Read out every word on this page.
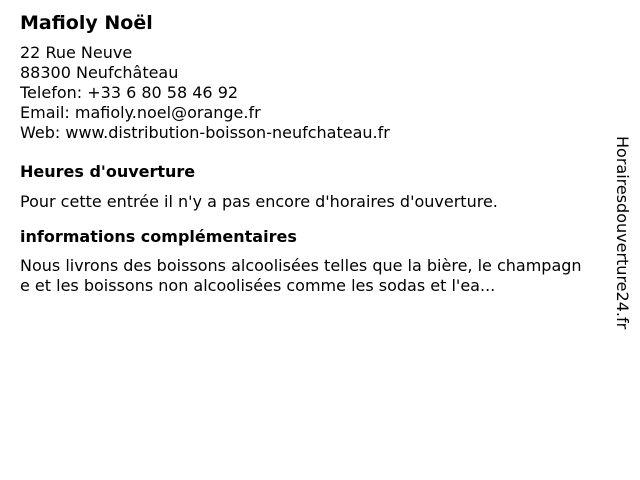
Mafioly Noël
22 Rue Neuve
88300 Neufchâteau
Telefon: +33 6 80 58 46 92
Email: mafioly.noel@orange.fr
Web: www.distribution-boisson-neufchateau.fr
Heures d'ouverture

Pour cette entrée il n'y a pas encore d'horaires d'ouverture.

informations complémentaires

Nous livrons des boissons alcoolisées telles que la bière, le champagne et les boissons non alcoolisées comme les sodas et l'ea...	Horairesdouverture24.fr
